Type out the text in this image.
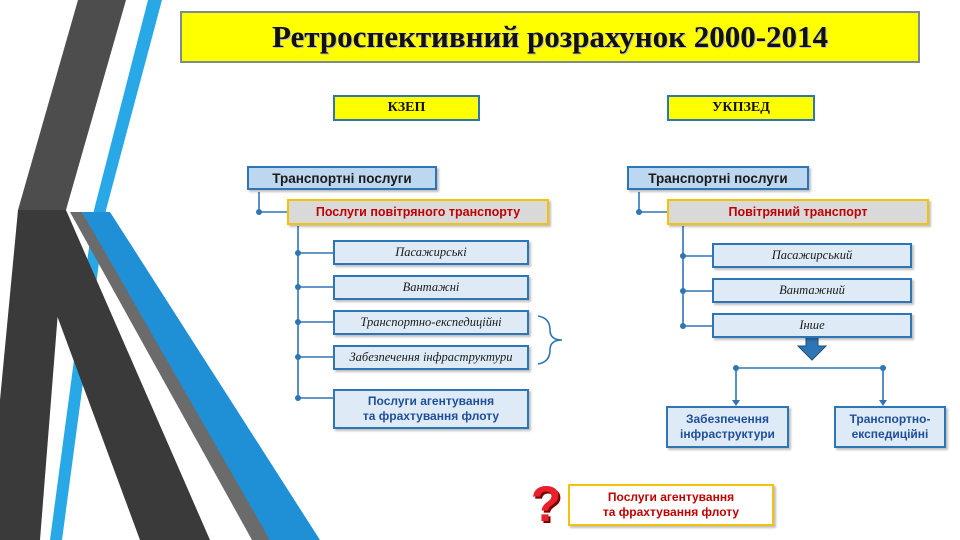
Ретроспективний розрахунок 2000-2014
КЗЕП
Транспортні послуги
Послуги повітряного транспорту
Пасажирські
Вантажні
Транспортно-експедиційні
Забезпечення інфраструктури
Послуги агентування
та фрахтування флоту
УКПЗЕД
Транспортні послуги
Повітряний транспорт
Пасажирський
Вантажний
Інше
Забезпечення
інфраструктури
Транспортно-
експедиційні
?	Послуги агентування
та фрахтування флоту
